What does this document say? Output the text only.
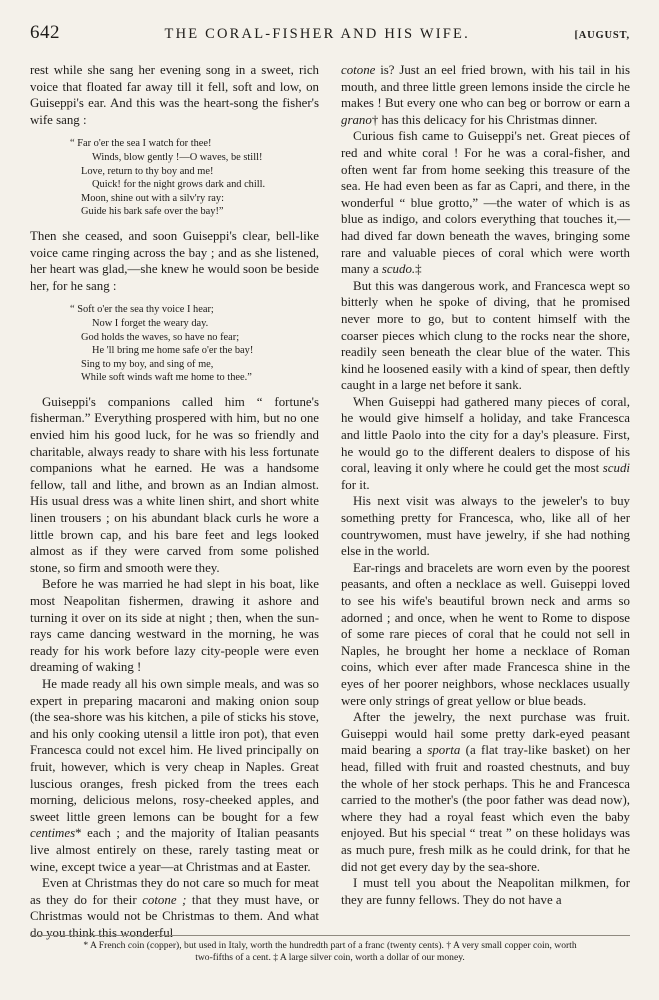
642	THE CORAL-FISHER AND HIS WIFE.	[AUGUST,

rest while she sang her evening song in a sweet, rich voice that floated far away till it fell, soft and low, on Guiseppi's ear. And this was the heart-song the fisher's wife sang :

“ Far o'er the sea I watch for thee!
Winds, blow gently !—O waves, be still!
Love, return to thy boy and me!
Quick! for the night grows dark and chill.
Moon, shine out with a silv'ry ray:
Guide his bark safe over the bay!”

Then she ceased, and soon Guiseppi's clear, bell-like voice came ringing across the bay ; and as she listened, her heart was glad,—she knew he would soon be beside her, for he sang :

“ Soft o'er the sea thy voice I hear;
Now I forget the weary day.
God holds the waves, so have no fear;
He 'll bring me home safe o'er the bay!
Sing to my boy, and sing of me,
While soft winds waft me home to thee.”

Guiseppi's companions called him “ fortune's fisherman.” Everything prospered with him, but no one envied him his good luck, for he was so friendly and charitable, always ready to share with his less fortunate companions what he earned. He was a handsome fellow, tall and lithe, and brown as an Indian almost. His usual dress was a white linen shirt, and short white linen trousers ; on his abundant black curls he wore a little brown cap, and his bare feet and legs looked almost as if they were carved from some polished stone, so firm and smooth were they.

Before he was married he had slept in his boat, like most Neapolitan fishermen, drawing it ashore and turning it over on its side at night ; then, when the sun-rays came dancing westward in the morning, he was ready for his work before lazy city-people were even dreaming of waking !

He made ready all his own simple meals, and was so expert in preparing macaroni and making onion soup (the sea-shore was his kitchen, a pile of sticks his stove, and his only cooking utensil a little iron pot), that even Francesca could not excel him. He lived principally on fruit, however, which is very cheap in Naples. Great luscious oranges, fresh picked from the trees each morning, delicious melons, rosy-cheeked apples, and sweet little green lemons can be bought for a few centimes* each ; and the majority of Italian peasants live almost entirely on these, rarely tasting meat or wine, except twice a year—at Christmas and at Easter.

Even at Christmas they do not care so much for meat as they do for their cotone ; that they must have, or Christmas would not be Christmas to them. And what do you think this wonderful

cotone is? Just an eel fried brown, with his tail in his mouth, and three little green lemons inside the circle he makes ! But every one who can beg or borrow or earn a grano† has this delicacy for his Christmas dinner.

Curious fish came to Guiseppi's net. Great pieces of red and white coral ! For he was a coral-fisher, and often went far from home seeking this treasure of the sea. He had even been as far as Capri, and there, in the wonderful “ blue grotto,” —the water of which is as blue as indigo, and colors everything that touches it,—had dived far down beneath the waves, bringing some rare and valuable pieces of coral which were worth many a scudo.‡

But this was dangerous work, and Francesca wept so bitterly when he spoke of diving, that he promised never more to go, but to content himself with the coarser pieces which clung to the rocks near the shore, readily seen beneath the clear blue of the water. This kind he loosened easily with a kind of spear, then deftly caught in a large net before it sank.

When Guiseppi had gathered many pieces of coral, he would give himself a holiday, and take Francesca and little Paolo into the city for a day's pleasure. First, he would go to the different dealers to dispose of his coral, leaving it only where he could get the most scudi for it.

His next visit was always to the jeweler's to buy something pretty for Francesca, who, like all of her countrywomen, must have jewelry, if she had nothing else in the world.

Ear-rings and bracelets are worn even by the poorest peasants, and often a necklace as well. Guiseppi loved to see his wife's beautiful brown neck and arms so adorned ; and once, when he went to Rome to dispose of some rare pieces of coral that he could not sell in Naples, he brought her home a necklace of Roman coins, which ever after made Francesca shine in the eyes of her poorer neighbors, whose necklaces usually were only strings of great yellow or blue beads.

After the jewelry, the next purchase was fruit. Guiseppi would hail some pretty dark-eyed peasant maid bearing a sporta (a flat tray-like basket) on her head, filled with fruit and roasted chestnuts, and buy the whole of her stock perhaps. This he and Francesca carried to the mother's (the poor father was dead now), where they had a royal feast which even the baby enjoyed. But his special “ treat ” on these holidays was as much pure, fresh milk as he could drink, for that he did not get every day by the sea-shore.

I must tell you about the Neapolitan milkmen, for they are funny fellows. They do not have a

* A French coin (copper), but used in Italy, worth the hundredth part of a franc (twenty cents). † A very small copper coin, worth
two-fifths of a cent. ‡ A large silver coin, worth a dollar of our money.
